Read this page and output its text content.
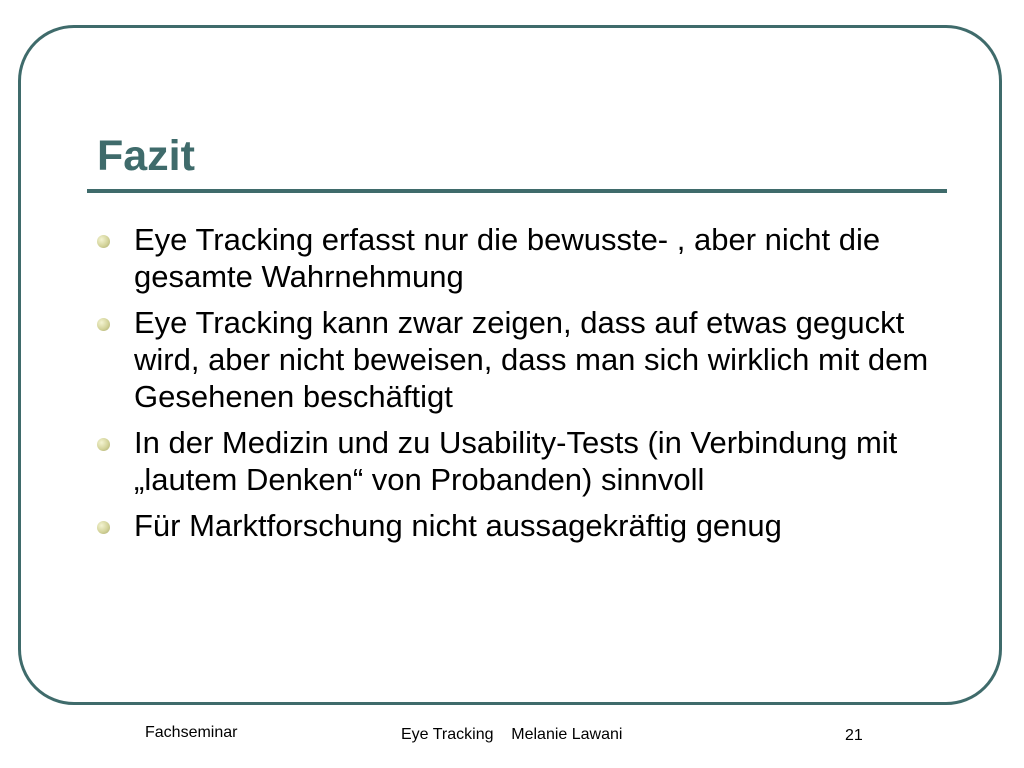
Fazit
Eye Tracking erfasst nur die bewusste- , aber nicht die gesamte Wahrnehmung
Eye Tracking kann zwar zeigen, dass auf etwas geguckt wird, aber nicht beweisen, dass man sich wirklich mit dem Gesehenen beschäftigt
In der Medizin und zu Usability-Tests (in Verbindung mit „lautem Denken“ von Probanden) sinnvoll
Für Marktforschung nicht aussagekräftig genug
Fachseminar	Eye Tracking    Melanie Lawani	21
